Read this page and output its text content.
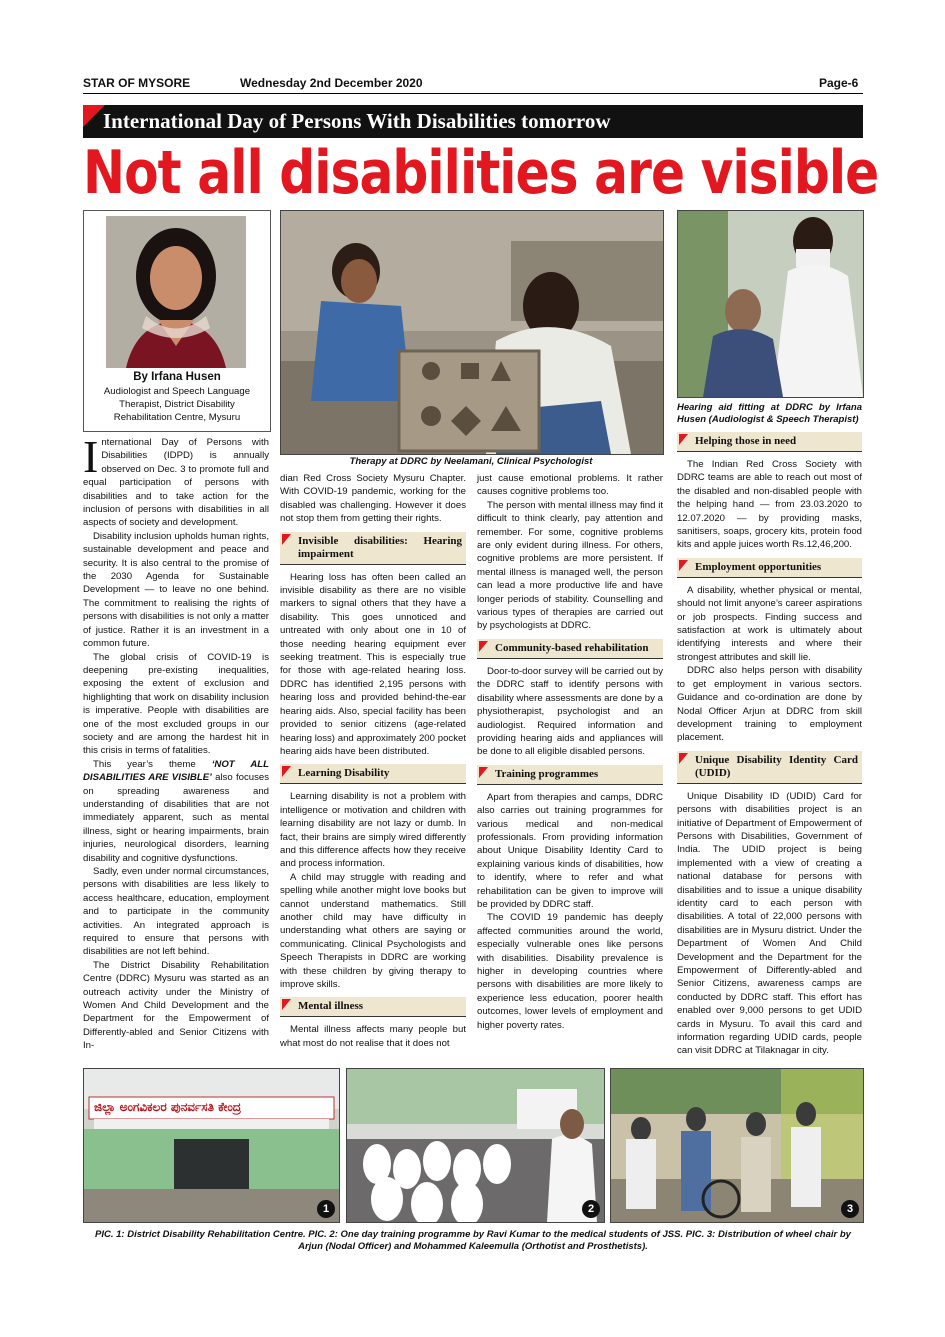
STAR OF MYSORE	Wednesday 2nd December 2020	Page-6
International Day of Persons With Disabilities tomorrow
Not all disabilities are visible
By Irfana Husen
Audiologist and Speech Language Therapist, District Disability Rehabilitation Centre, Mysuru
Therapy at DDRC by Neelamani, Clinical Psychologist
Hearing aid fitting at DDRC by Irfana Husen (Audiologist & Speech Therapist)

International Day of Persons with Disabilities (IDPD) is annually observed on Dec. 3 to promote full and equal participation of persons with disabilities and to take action for the inclusion of persons with disabilities in all aspects of society and development.

Disability inclusion upholds human rights, sustainable development and peace and security. It is also central to the promise of the 2030 Agenda for Sustainable Development — to leave no one behind. The commitment to realising the rights of persons with disabilities is not only a matter of justice. Rather it is an investment in a common future.

The global crisis of COVID-19 is deepening pre-existing inequalities, exposing the extent of exclusion and highlighting that work on disability inclusion is imperative. People with disabilities are one of the most excluded groups in our society and are among the hardest hit in this crisis in terms of fatalities.

This year’s theme ‘NOT ALL DISABILITIES ARE VISIBLE’ also focuses on spreading awareness and understanding of disabilities that are not immediately apparent, such as mental illness, sight or hearing impairments, brain injuries, neurological disorders, learning disability and cognitive dysfunctions.

Sadly, even under normal circumstances, persons with disabilities are less likely to access healthcare, education, employment and to participate in the community activities. An integrated approach is required to ensure that persons with disabilities are not left behind.

The District Disability Rehabilitation Centre (DDRC) Mysuru was started as an outreach activity under the Ministry of Women And Child Development and the Department for the Empowerment of Differently-abled and Senior Citizens with In-

dian Red Cross Society Mysuru Chapter. With COVID-19 pandemic, working for the disabled was challenging. However it does not stop them from getting their rights.

Invisible disabilities: Hearing impairment

Hearing loss has often been called an invisible disability as there are no visible markers to signal others that they have a disability. This goes unnoticed and untreated with only about one in 10 of those needing hearing equipment ever seeking treatment. This is especially true for those with age-related hearing loss. DDRC has identified 2,195 persons with hearing loss and provided behind-the-ear hearing aids. Also, special facility has been provided to senior citizens (age-related hearing loss) and approximately 200 pocket hearing aids have been distributed.

Learning Disability

Learning disability is not a problem with intelligence or motivation and children with learning disability are not lazy or dumb. In fact, their brains are simply wired differently and this difference affects how they receive and process information.

A child may struggle with reading and spelling while another might love books but cannot understand mathematics. Still another child may have difficulty in understanding what others are saying or communicating. Clinical Psychologists and Speech Therapists in DDRC are working with these children by giving therapy to improve skills.

Mental illness

Mental illness affects many people but what most do not realise that it does not

just cause emotional problems. It rather causes cognitive problems too.

The person with mental illness may find it difficult to think clearly, pay attention and remember. For some, cognitive problems are only evident during illness. For others, cognitive problems are more persistent. If mental illness is managed well, the person can lead a more productive life and have longer periods of stability. Counselling and various types of therapies are carried out by psychologists at DDRC.

Community-based rehabilitation

Door-to-door survey will be carried out by the DDRC staff to identify persons with disability where assessments are done by a physiotherapist, psychologist and an audiologist. Required information and providing hearing aids and appliances will be done to all eligible disabled persons.

Training programmes

Apart from therapies and camps, DDRC also carries out training programmes for various medical and non-medical professionals. From providing information about Unique Disability Identity Card to explaining various kinds of disabilities, how to identify, where to refer and what rehabilitation can be given to improve will be provided by DDRC staff.

The COVID 19 pandemic has deeply affected communities around the world, especially vulnerable ones like persons with disabilities. Disability prevalence is higher in developing countries where persons with disabilities are more likely to experience less education, poorer health outcomes, lower levels of employment and higher poverty rates.

Helping those in need

The Indian Red Cross Society with DDRC teams are able to reach out most of the disabled and non-disabled people with the helping hand — from 23.03.2020 to 12.07.2020 — by providing masks, sanitisers, soaps, grocery kits, protein food kits and apple juices worth Rs.12,46,200.

Employment opportunities

A disability, whether physical or mental, should not limit anyone’s career aspirations or job prospects. Finding success and satisfaction at work is ultimately about identifying interests and where their strongest attributes and skill lie.

DDRC also helps person with disability to get employment in various sectors. Guidance and co-ordination are done by Nodal Officer Arjun at DDRC from skill development training to employment placement.

Unique Disability Identity Card (UDID)

Unique Disability ID (UDID) Card for persons with disabilities project is an initiative of Department of Empowerment of Persons with Disabilities, Government of India. The UDID project is being implemented with a view of creating a national database for persons with disabilities and to issue a unique disability identity card to each person with disabilities. A total of 22,000 persons with disabilities are in Mysuru district. Under the Department of Women And Child Development and the Department for the Empowerment of Differently-abled and Senior Citizens, awareness camps are conducted by DDRC staff. This effort has enabled over 9,000 persons to get UDID cards in Mysuru. To avail this card and information regarding UDID cards, people can visit DDRC at Tilaknagar in city.

ಜಿಲ್ಲಾ ಅಂಗವಿಕಲರ ಪುನರ್ವಸತಿ ಕೇಂದ್ರ
1	2	3
PIC. 1: District Disability Rehabilitation Centre. PIC. 2: One day training programme by Ravi Kumar to the medical students of JSS. PIC. 3: Distribution of wheel chair by Arjun (Nodal Officer) and Mohammed Kaleemulla (Orthotist and Prosthetists).
